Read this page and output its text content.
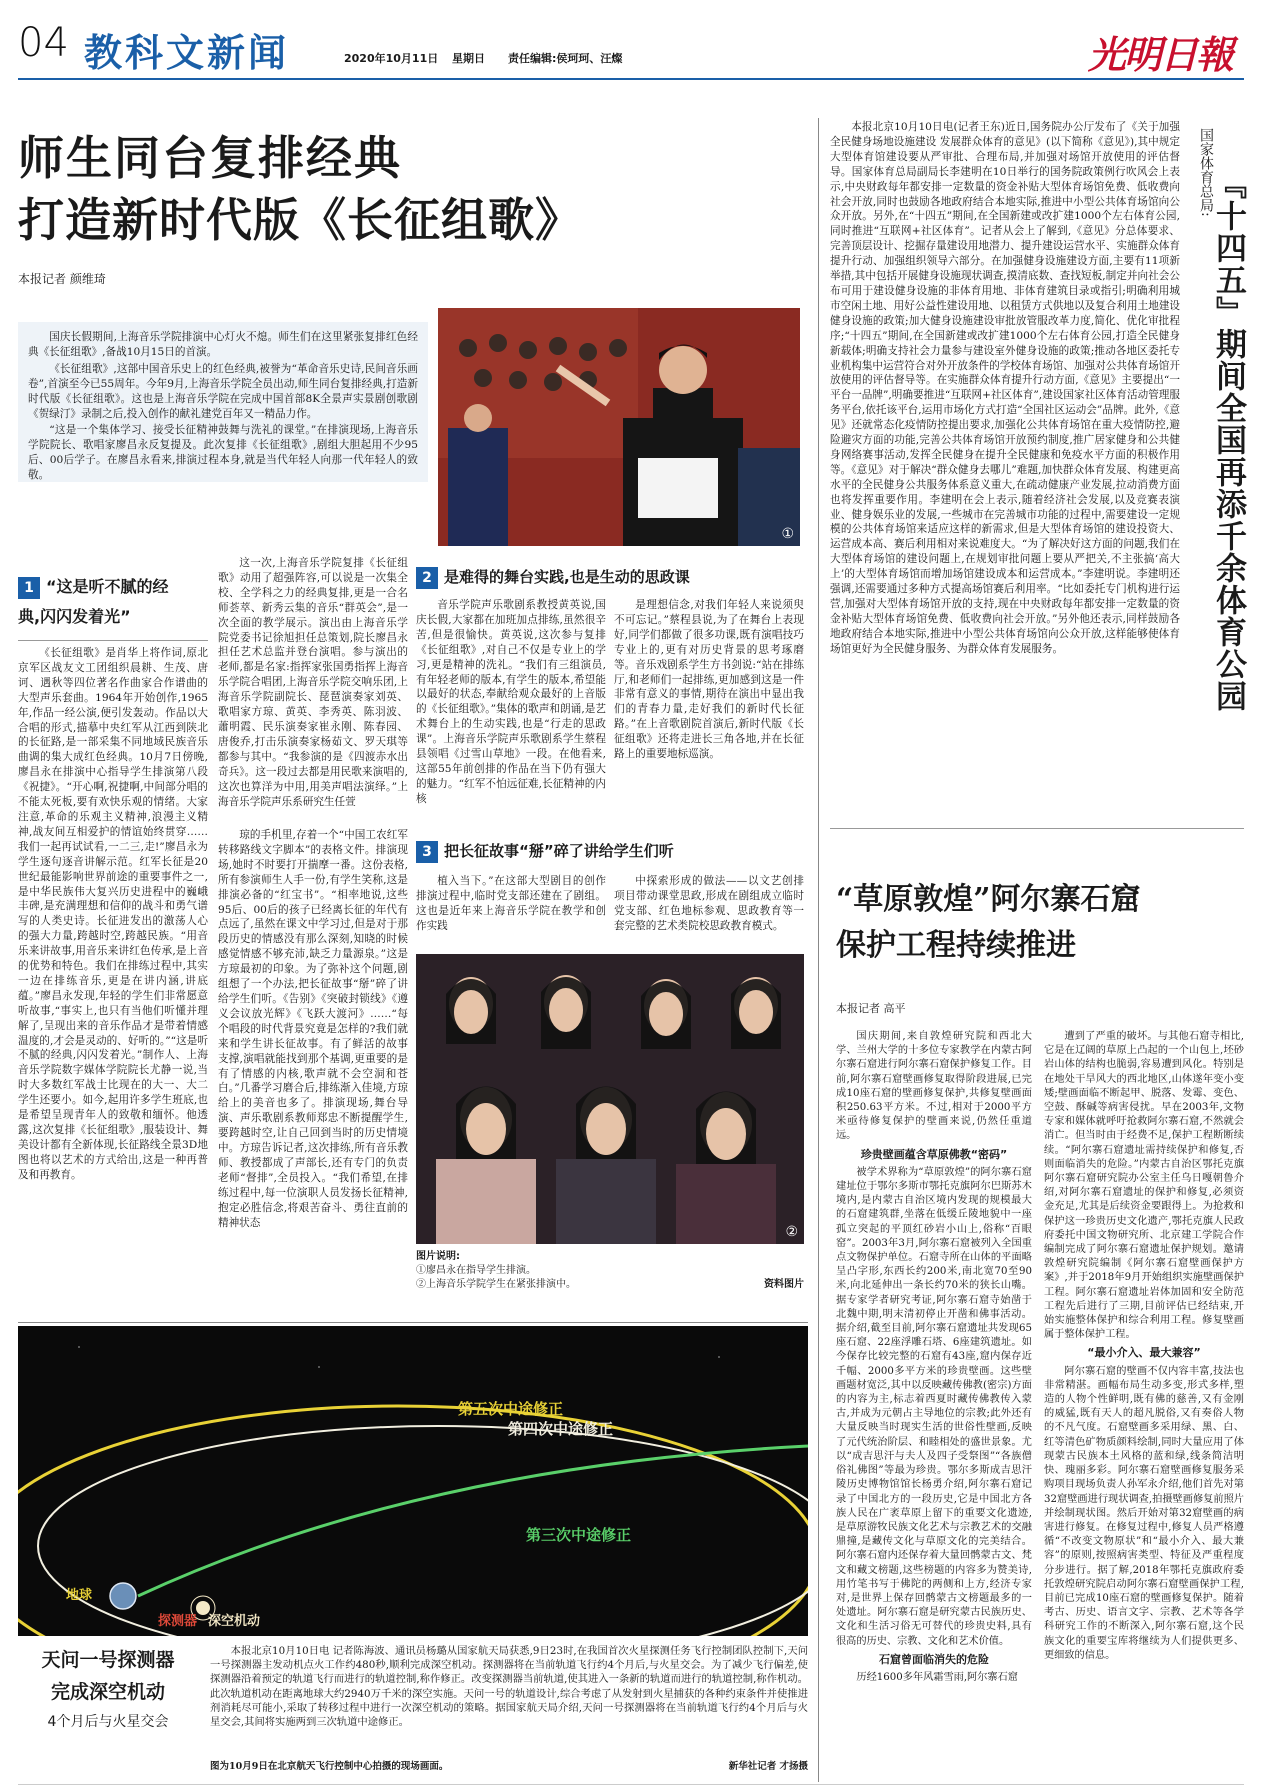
04 教科文新闻	2020年10月11日 星期日 责任编辑:侯珂珂、汪燦	光明日報
师生同台复排经典
打造新时代版《长征组歌》
本报记者 颜维琦

国庆长假期间,上海音乐学院排演中心灯火不熄。师生们在这里紧张复排红色经典《长征组歌》,备战10月15日的首演。

《长征组歌》,这部中国音乐史上的红色经典,被誉为“革命音乐史诗,民间音乐画卷”,首演至今已55周年。今年9月,上海音乐学院全员出动,师生同台复排经典,打造新时代版《长征组歌》。这也是上海音乐学院在完成中国首部8K全景声实景剧创歌剧《贺绿汀》录制之后,投入创作的献礼建党百年又一精品力作。

“这是一个集体学习、接受长征精神鼓舞与洗礼的课堂。”在排演现场,上海音乐学院院长、歌唱家廖昌永反复提及。此次复排《长征组歌》,剧组大胆起用不少95后、00后学子。在廖昌永看来,排演过程本身,就是当代年轻人向那一代年轻人的致敬。

①
1 “这是听不腻的经
典,闪闪发着光”

《长征组歌》是肖华上将作词,原北京军区战友文工团组织晨耕、生茂、唐诃、遇秋等四位著名作曲家合作谱曲的大型声乐套曲。1964年开始创作,1965年,作品一经公演,便引发轰动。作品以大合唱的形式,描摹中央红军从江西到陕北的长征路,是一部采集不同地域民族音乐曲调的集大成红色经典。10月7日傍晚,廖昌永在排演中心指导学生排演第八段《祝捷》。“开心啊,祝捷啊,中间部分唱的不能太死板,要有欢快乐观的情绪。大家注意,革命的乐观主义精神,浪漫主义精神,战友间互相爱护的情谊始终贯穿……我们一起再试试看,一二三,走!”廖昌永为学生逐句逐音讲解示范。红军长征是20世纪最能影响世界前途的重要事件之一,是中华民族伟大复兴历史进程中的巍峨丰碑,是充满理想和信仰的战斗和勇气谱写的人类史诗。长征进发出的激荡人心的强大力量,跨越时空,跨越民族。“用音乐来讲故事,用音乐来讲红色传承,是上音的优势和特色。我们在排练过程中,其实一边在排练音乐,更是在讲内涵,讲底蕴。”廖昌永发现,年轻的学生们非常愿意听故事,“事实上,也只有当他们听懂并理解了,呈现出来的音乐作品才是带着情感温度的,才会是灵动的、好听的。”“这是听不腻的经典,闪闪发着光。”制作人、上海音乐学院数字媒体学院院长尤静一说,当时大多数红军战士比现在的大一、大二学生还要小。如今,起用许多学生班底,也是希望呈现青年人的致敬和缅怀。他透露,这次复排《长征组歌》,服装设计、舞美设计都有全新体现,长征路线全景3D地图也将以艺术的方式给出,这是一种再普及和再教育。

这一次,上海音乐学院复排《长征组歌》动用了超强阵容,可以说是一次集全校、全学科之力的经典复排,更是一合名师荟萃、新秀云集的音乐“群英会”,是一次全面的教学展示。演出由上海音乐学院党委书记徐旭担任总策划,院长廖昌永担任艺术总监并登台演唱。参与演出的老师,都是名家:指挥家张国勇指挥上海音乐学院合唱团,上海音乐学院交响乐团,上海音乐学院副院长、琵琶演奏家刘英、歌唱家方琼、黄英、李秀英、陈羽波、蕭明霞、民乐演奏家崔永刚、陈春园、唐俊乔,打击乐演奏家杨茹文、罗天琪等都参与其中。“我参演的是《四渡赤水出奇兵》。这一段过去都是用民歌来演唱的,这次也算洋为中用,用美声唱法演绎。”上海音乐学院声乐系研究生任萱

琼的手机里,存着一个“中国工农红军转移路线文字脚本”的表格文件。排演现场,她时不时要打开揣摩一番。这份表格,所有参演师生人手一份,有学生笑称,这是排演必备的“红宝书”。“相率地说,这些95后、00后的孩子已经离长征的年代有点远了,虽然在课文中学习过,但是对于那段历史的情感没有那么深刻,知晓的时候感觉情感不够充沛,缺乏力量源泉。”这是方琼最初的印象。为了弥补这个问题,剧组想了一个办法,把长征故事“掰”碎了讲给学生们听。《告别》《突破封锁线》《遵义会议放光辉》《飞跃大渡河》……“每个唱段的时代背景究竟是怎样的?我们就来和学生讲长征故事。有了鲜活的故事支撑,演唱就能找到那个基调,更重要的是有了情感的内核,歌声就不会空洞和苍白。”几番学习磨合后,排练渐入佳境,方琼给上的美音也多了。排演现场,舞台导演、声乐歌剧系教师郑忠不断提醒学生,要跨越时空,让自己回到当时的历史情境中。方琼告诉记者,这次排练,所有音乐教师、教授都成了声部长,还有专门的负责老师“督排”,全员投入。“我们希望,在排练过程中,每一位演职人员发扬长征精神,抱定必胜信念,将艰苦奋斗、勇往直前的精神状态

2 是难得的舞台实践,也是生动的思政课

音乐学院声乐歌剧系教授黄英说,国庆长假,大家都在加班加点排练,虽然很辛苦,但是很愉快。黄英说,这次参与复排《长征组歌》,对自己不仅是专业上的学习,更是精神的洗礼。“我们有三组演员,有年轻老师的版本,有学生的版本,希望能以最好的状态,奉献给观众最好的上音版的《长征组歌》。”集体的歌声和朗诵,是艺术舞台上的生动实践,也是“行走的思政课”。上海音乐学院声乐歌剧系学生蔡程县领唱《过雪山草地》一段。在他看来,这部55年前创排的作品在当下仍有强大的魅力。“红军不怕远征难,长征精神的内核

是理想信念,对我们年轻人来说须臾不可忘记。”蔡程县说,为了在舞台上表现好,同学们都做了很多功课,既有演唱技巧专业上的,更有对历史背景的思考琢磨等。音乐戏剧系学生方书剑说:“站在排练厅,和老师们一起排练,更加感到这是一件非常有意义的事情,期待在演出中显出我们的青春力量,走好我们的新时代长征路。”在上音歌剧院首演后,新时代版《长征组歌》还将走进长三角各地,并在长征路上的重要地标巡演。

3 把长征故事“掰”碎了讲给学生们听

植入当下。”在这部大型剧目的创作排演过程中,临时党支部还建在了剧组。这也是近年来上海音乐学院在教学和创作实践

中探索形成的做法——以文艺创排项目带动课堂思政,形成在剧组成立临时党支部、红色地标参观、思政教育等一套完整的艺术类院校思政教育模式。

②
图片说明:
①廖昌永在指导学生排演。
②上海音乐学院学生在紧张排演中。	资料图片
第五次中途修正
第四次中途修正
第三次中途修正
地球
探测器 深空机动
天问一号探测器
完成深空机动
4个月后与火星交会

本报北京10月10日电 记者陈海波、通讯员杨璐从国家航天局获悉,9日23时,在我国首次火星探测任务飞行控制团队控制下,天问一号探测器主发动机点火工作约480秒,顺利完成深空机动。探测器将在当前轨道飞行约4个月后,与火星交会。为了减少飞行偏差,使探测器沿着预定的轨道飞行而进行的轨道控制,称作修正。改变探测器当前轨道,使其进入一条新的轨道而进行的轨道控制,称作机动。此次轨道机动在距离地球大约2940万千米的深空实施。天问一号的轨道设计,综合考虑了从发射到火星捕获的各种约束条件并使推进剂消耗尽可能小,采取了转移过程中进行一次深空机动的策略。据国家航天局介绍,天问一号探测器将在当前轨道飞行约4个月后与火星交会,其间将实施两到三次轨道中途修正。

图为10月9日在北京航天飞行控制中心拍摄的现场画面。	新华社记者 才扬摄

本报北京10月10日电(记者王东)近日,国务院办公厅发布了《关于加强全民健身场地设施建设 发展群众体育的意见》(以下简称《意见》),其中规定大型体育馆建设要从严审批、合理布局,并加强对场馆开放使用的评估督导。国家体育总局副局长李建明在10日举行的国务院政策例行吹风会上表示,中央财政每年都安排一定数量的资金补贴大型体育场馆免费、低收费向社会开放,同时也鼓励各地政府结合本地实际,推进中小型公共体育场馆向公众开放。另外,在“十四五”期间,在全国新建或改扩建1000个左右体育公园,同时推进“互联网+社区体育”。记者从会上了解到,《意见》分总体要求、完善顶层设计、挖掘存量建设用地潜力、提升建设运营水平、实施群众体育提升行动、加强组织领导六部分。在加强健身设施建设方面,主要有11项新举措,其中包括开展健身设施现状调查,摸清底数、查找短板,制定并向社会公布可用于建设健身设施的非体育用地、非体育建筑目录或指引;明确利用城市空闲土地、用好公益性建设用地、以租赁方式供地以及复合利用土地建设健身设施的政策;加大健身设施建设审批放管服改革力度,简化、优化审批程序;“十四五”期间,在全国新建或改扩建1000个左右体育公园,打造全民健身新载体;明确支持社会力量参与建设室外健身设施的政策;推动各地区委托专业机构集中运营符合对外开放条件的学校体育场馆、加强对公共体育场馆开放使用的评估督导等。在实施群众体育提升行动方面,《意见》主要提出“一平台一品牌”,明确要推进“互联网+社区体育”,建设国家社区体育活动管理服务平台,依托该平台,运用市场化方式打造“全国社区运动会”品牌。此外,《意见》还就常态化疫情防控提出要求,加强化公共体育场馆在重大疫情防控,避险避灾方面的功能,完善公共体育场馆开放预约制度,推广居家健身和公共健身网络赛事活动,发挥全民健身在提升全民健康和免疫水平方面的积极作用等。《意见》对于解决“群众健身去哪儿”难题,加快群众体育发展、构建更高水平的全民健身公共服务体系意义重大,在疏动健康产业发展,拉动消费方面也将发挥重要作用。李建明在会上表示,随着经济社会发展,以及竞赛表演业、健身娱乐业的发展,一些城市在完善城市功能的过程中,需要建设一定规模的公共体育场馆来适应这样的新需求,但是大型体育场馆的建设投资大、运营成本高、赛后利用相对来说难度大。“为了解决好这方面的问题,我们在大型体育场馆的建设问题上,在规划审批问题上要从严把关,不主张搞‘高大上’的大型体育场馆而增加场馆建设成本和运营成本。”李建明说。李建明还强调,还需要通过多种方式提高场馆赛后利用率。“比如委托专门机构进行运营,加强对大型体育场馆开放的支持,现在中央财政每年都安排一定数量的资金补贴大型体育场馆免费、低收费向社会开放。”另外他还表示,同样鼓励各地政府结合本地实际,推进中小型公共体育场馆向公众开放,这样能够使体育场馆更好为全民健身服务、为群众体育发展服务。

国家体育总局:
『十四五』期间全国再添千余体育公园
“草原敦煌”阿尔寨石窟
保护工程持续推进
本报记者 高平

国庆期间,来自敦煌研究院和西北大学、兰州大学的十多位专家教学在内蒙古阿尔寨石窟进行阿尔寨石窟保护修复工作。目前,阿尔寨石窟壁画修复取得阶段进展,已完成10座石窟的壁画修复保护,共修复壁画面积250.63平方米。不过,相对于2000平方米亟待修复保护的壁画来说,仍然任重道远。

珍贵壁画蕴含草原佛教“密码”

被学术界称为“草原敦煌”的阿尔寨石窟建址位于鄂尔多斯市鄂托克旗阿尔巴斯苏木境内,是内蒙古自治区境内发现的规模最大的石窟建筑群,坐落在低缓丘陵地貌中一座孤立突起的平顶红砂岩小山上,俗称“百眼窑”。2003年3月,阿尔寨石窟被列入全国重点文物保护单位。石窟寺所在山体的平面略呈凸字形,东西长约200米,南北宽70至90米,向北延伸出一条长约70米的狭长山嘴。据专家学者研究考证,阿尔寨石窟寺始凿于北魏中期,明末清初停止开凿和佛事活动。据介绍,截至目前,阿尔寨石窟遗址共发现65座石窟、22座浮雕石塔、6座建筑遗址。如今保存比较完整的石窟有43座,窟内保存近千幅、2000多平方米的珍贵壁画。这些壁画题材宽泛,其中以反映藏传佛教(密宗)方面的内容为主,标志着西夏时藏传佛教传入蒙古,并成为元朝占主导地位的宗教;此外还有大量反映当时现实生活的世俗性壁画,反映了元代统治阶层、和睦相处的盛世景象。尤以“成吉思汗与夫人及四子受祭图”“各族僧俗礼佛图”等最为珍贵。鄂尔多斯成吉思汗陵历史博物馆馆长杨勇介绍,阿尔寨石窟记录了中国北方的一段历史,它是中国北方各族人民在广袤草原上留下的重要文化遗迹,是草原游牧民族文化艺术与宗教艺术的交融鼎撞,是藏传文化与草原文化的完美结合。阿尔寨石窟内还保存着大量回鹘蒙古文、梵文和藏文榜题,这些榜题的内容多为赞美诗,用竹笔书写于佛陀的两侧和上方,经济专家对,是世界上保存回鹘蒙古文榜题最多的一处遗址。阿尔寨石窟是研究蒙古民族历史、文化和生活习俗无可替代的珍贵史料,具有很高的历史、宗教、文化和艺术价值。

石窟曾面临消失的危险

历经1600多年风霜雪雨,阿尔寨石窟

遭到了严重的破坏。与其他石窟寺相比,它是在辽阔的草原上凸起的一个山包上,坯砂岩山体的结构也脆弱,容易遭到风化。特别是在地处干旱风大的西北地区,山体遂年变小变矮;壁画面临不断起甲、脱落、发霉、变色、空鼓、酥碱等病害侵扰。早在2003年,文物专家和媒体就呼吁抢救阿尔寨石窟,不然就会消亡。但当时由于经费不足,保护工程断断续续。“阿尔寨石窟遗址需持续保护和修复,否则面临消失的危险。”内蒙古自治区鄂托克旗阿尔寨石窟研究院办公室主任乌日嘎朝鲁介绍,对阿尔寨石窟遗址的保护和修复,必须资金充足,尤其是后续资金要跟得上。为抢救和保护这一珍贵历史文化遗产,鄂托克旗人民政府委托中国文物研究所、北京建工学院合作编制完成了阿尔寨石窟遗址保护规划。邀请敦煌研究院编制《阿尔寨石窟壁画保护方案》,并于2018年9月开始组织实施壁画保护工程。阿尔寨石窟遗址岩体加固和安全防范工程先后进行了三期,目前评估已经结束,开始实施整体保护和综合利用工程。修复壁画属于整体保护工程。

“最小介入、最大兼容”

阿尔寨石窟的壁画不仅内容丰富,技法也非常精湛。画幅布局生动多变,形式多样,塑造的人物个性鲜明,既有佛的慈善,又有金刚的威猛,既有天人的超凡脱俗,又有奏俗人物的不凡气度。石窟壁画多采用绿、黑、白、红等清色矿物质颜料绘制,同时大量应用了体现蒙古民族本土风格的蓝和绿,线条简洁明快、瑰丽多彩。阿尔寨石窟壁画修复服务采购项目现场负责人孙军永介绍,他们首先对第32窟壁画进行现状调查,拍摄壁画修复前照片并绘制现状图。然后开始对第32窟壁画的病害进行修复。在修复过程中,修复人员严格遵循“不改变文物原状”和“最小介入、最大兼容”的原则,按照病害类型、特征及严重程度分步进行。据了解,2018年鄂托克旗政府委托敦煌研究院启动阿尔寨石窟壁画保护工程,目前已完成10座石窟的壁画修复保护。随着考古、历史、语言文字、宗教、艺术等各学科研究工作的不断深入,阿尔寨石窟,这个民族文化的重要宝库将继续为人们提供更多、更细致的信息。
